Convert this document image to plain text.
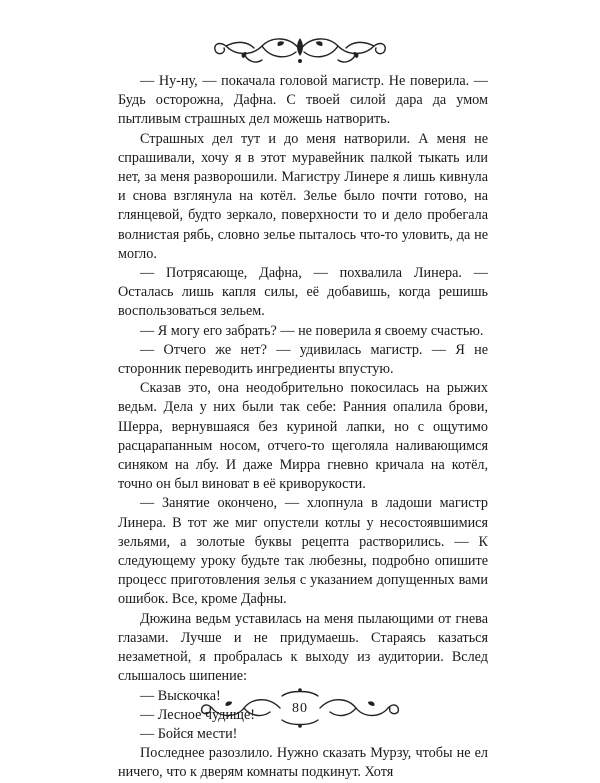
— Ну-ну, — покачала головой магистр. Не поверила. — Будь осторожна, Дафна. С твоей силой дара да умом пытливым страшных дел можешь натворить.

Страшных дел тут и до меня натворили. А меня не спрашивали, хочу я в этот муравейник палкой тыкать или нет, за меня разворошили. Магистру Линере я лишь кивнула и снова взглянула на котёл. Зелье было почти готово, на глянцевой, будто зеркало, поверхности то и дело пробегала волнистая рябь, словно зелье пыталось что-то уловить, да не могло.

— Потрясающе, Дафна, — похвалила Линера. — Осталась лишь капля силы, её добавишь, когда решишь воспользоваться зельем.

— Я могу его забрать? — не поверила я своему счастью.

— Отчего же нет? — удивилась магистр. — Я не сторонник переводить ингредиенты впустую.

Сказав это, она неодобрительно покосилась на рыжих ведьм. Дела у них были так себе: Ранния опалила брови, Шерра, вернувшаяся без куриной лапки, но с ощутимо расцарапанным носом, отчего-то щеголяла наливающимся синяком на лбу. И даже Мирра гневно кричала на котёл, точно он был виноват в её криворукости.

— Занятие окончено, — хлопнула в ладоши магистр Линера. В тот же миг опустели котлы у несостоявшимися зельями, а золотые буквы рецепта растворились. — К следующему уроку будьте так любезны, подробно опишите процесс приготовления зелья с указанием допущенных вами ошибок. Все, кроме Дафны.

Дюжина ведьм уставилась на меня пылающими от гнева глазами. Лучше и не придумаешь. Стараясь казаться незаметной, я пробралась к выходу из аудитории. Вслед слышалось шипение:

— Выскочка!

— Лесное чудище!

— Бойся мести!

Последнее разозлило. Нужно сказать Мурзу, чтобы не ел ничего, что к дверям комнаты подкинут. Хотя

80
